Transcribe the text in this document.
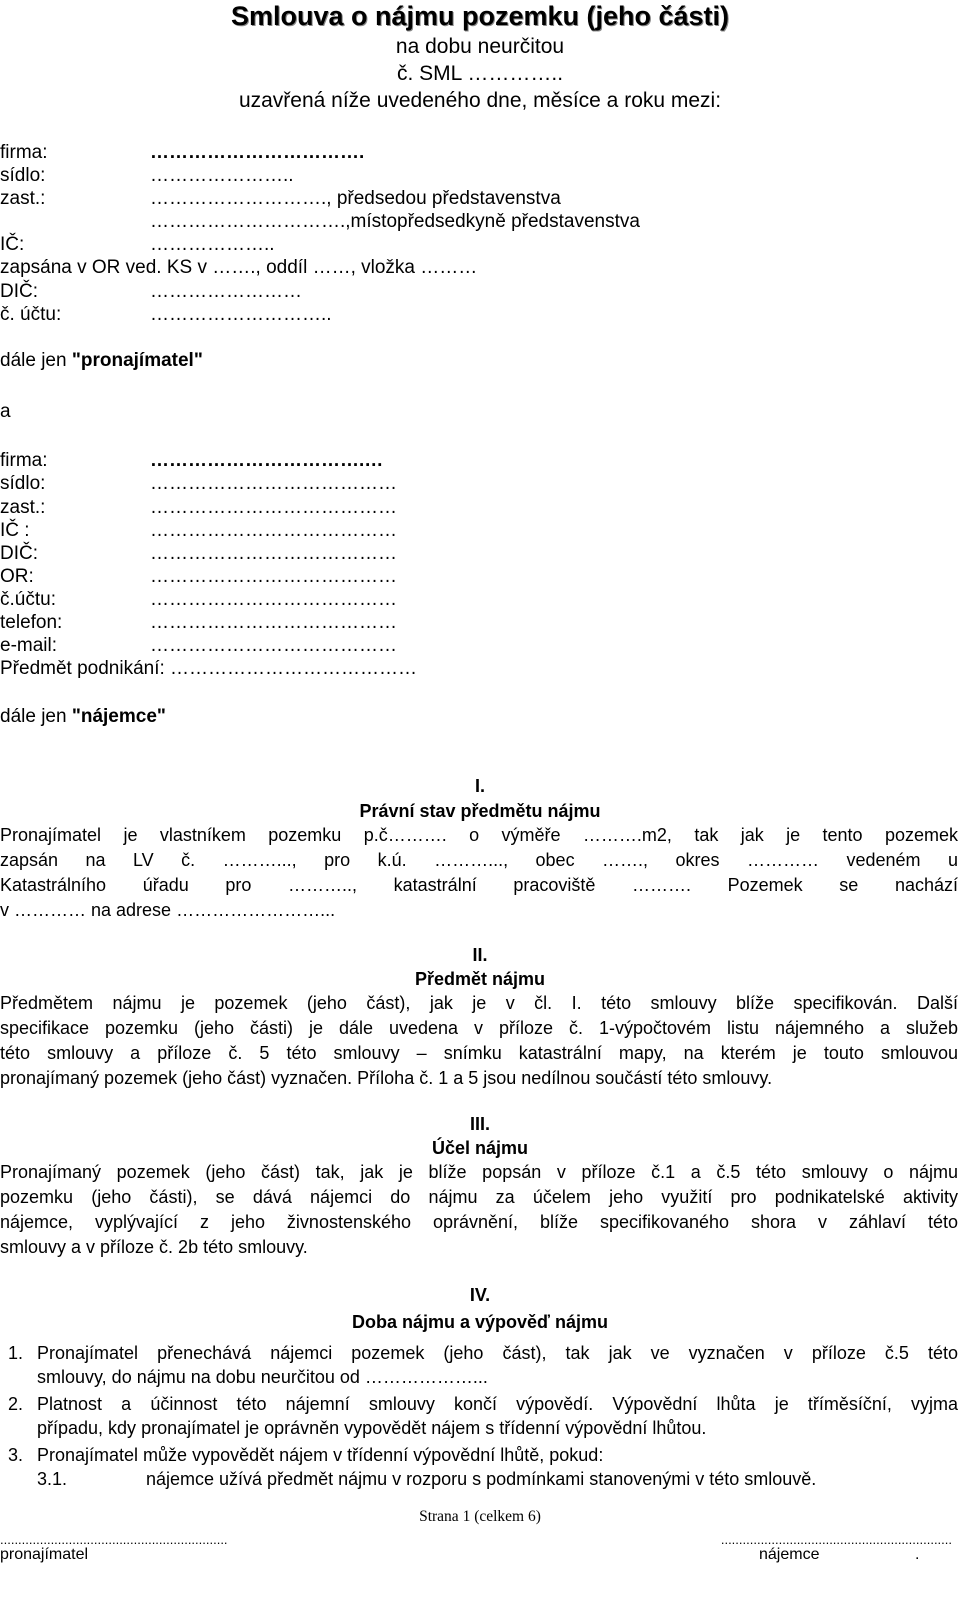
Smlouva o nájmu pozemku (jeho části)
na dobu neurčitou
č. SML …………..
uzavřená níže uvedeného dne, měsíce a roku mezi:
firma:	…………………………….
sídlo:	…………………..
zast.:	………………………., předsedou představenstva
………………………….,místopředsedkyně představenstva
IČ:	………………..
zapsána v OR ved. KS v ……., oddíl ……, vložka ………
DIČ:	……………………
č. účtu:	………………………..
dále jen "pronajímatel"
a
firma:	…………………………….…
sídlo:	…………………………………
zast.:	…………………………………
IČ :	…………………………………
DIČ:	…………………………………
OR:	…………………………………
č.účtu:	…………………………………
telefon:	…………………………………
e-mail:	…………………………………
Předmět podnikání: …………………………………
dále jen "nájemce"
I.
Právní stav předmětu nájmu
Pronajímatel je vlastníkem pozemku p.č………. o výměře ……….m2, tak jak je tento pozemek
zapsán na LV č. ………..., pro k.ú. ………..., obec ……., okres ………… vedeném u
Katastrálního úřadu pro ……….., katastrální pracoviště ………. Pozemek se nachází
v ………… na adrese ……………………...
II.
Předmět nájmu
Předmětem nájmu je pozemek (jeho část), jak je v čl. I. této smlouvy blíže specifikován. Další
specifikace pozemku (jeho části) je dále uvedena v příloze č. 1-výpočtovém listu nájemného a služeb
této smlouvy a příloze č. 5 této smlouvy – snímku katastrální mapy, na kterém je touto smlouvou
pronajímaný pozemek (jeho část) vyznačen. Příloha č. 1 a 5 jsou nedílnou součástí této smlouvy.
III.
Účel nájmu
Pronajímaný pozemek (jeho část) tak, jak je blíže popsán v příloze č.1 a č.5 této smlouvy o nájmu
pozemku (jeho části), se dává nájemci do nájmu za účelem jeho využití pro podnikatelské aktivity
nájemce, vyplývající z jeho živnostenského oprávnění, blíže specifikovaného shora v záhlaví této
smlouvy a v příloze č. 2b této smlouvy.
IV.
Doba nájmu a výpověď nájmu
1. Pronajímatel přenechává nájemci pozemek (jeho část), tak jak ve vyznačen v příloze č.5 této
smlouvy, do nájmu na dobu neurčitou od ………………...
2. Platnost a účinnost této nájemní smlouvy končí výpovědí. Výpovědní lhůta je tříměsíční, vyjma
případu, kdy pronajímatel je oprávněn vypovědět nájem s třídenní výpovědní lhůtou.
3. Pronajímatel může vypovědět nájem v třídenní výpovědní lhůtě, pokud:
3.1.	nájemce užívá předmět nájmu v rozporu s podmínkami stanovenými v této smlouvě.
Strana 1 (celkem 6)
...............................................................	................................................................
pronajímatel	nájemce	.
